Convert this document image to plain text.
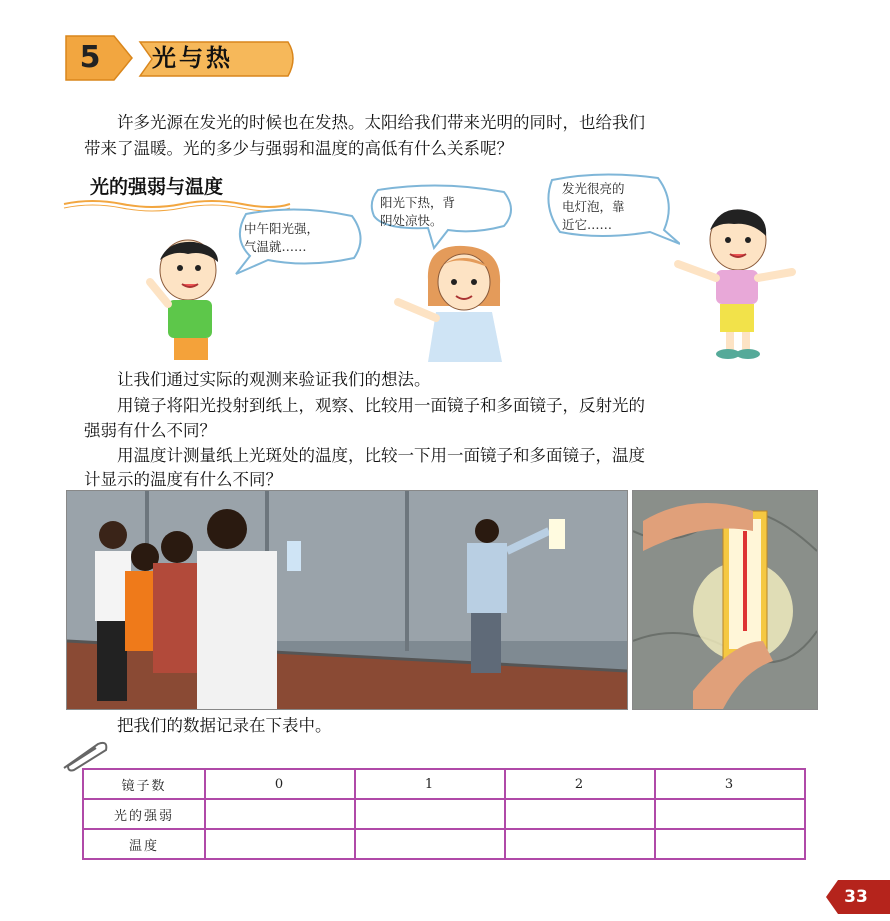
5	光与热
许多光源在发光的时候也在发热。太阳给我们带来光明的同时，也给我们
带来了温暖。光的多少与强弱和温度的高低有什么关系呢？
光的强弱与温度
中午阳光强，
气温就……
阳光下热，背
阴处凉快。
发光很亮的
电灯泡，靠
近它……
让我们通过实际的观测来验证我们的想法。
用镜子将阳光投射到纸上，观察、比较用一面镜子和多面镜子，反射光的
强弱有什么不同？
用温度计测量纸上光斑处的温度，比较一下用一面镜子和多面镜子，温度
计显示的温度有什么不同？
把我们的数据记录在下表中。
镜子数	0	1	2	3
光的强弱				
温度				
33
